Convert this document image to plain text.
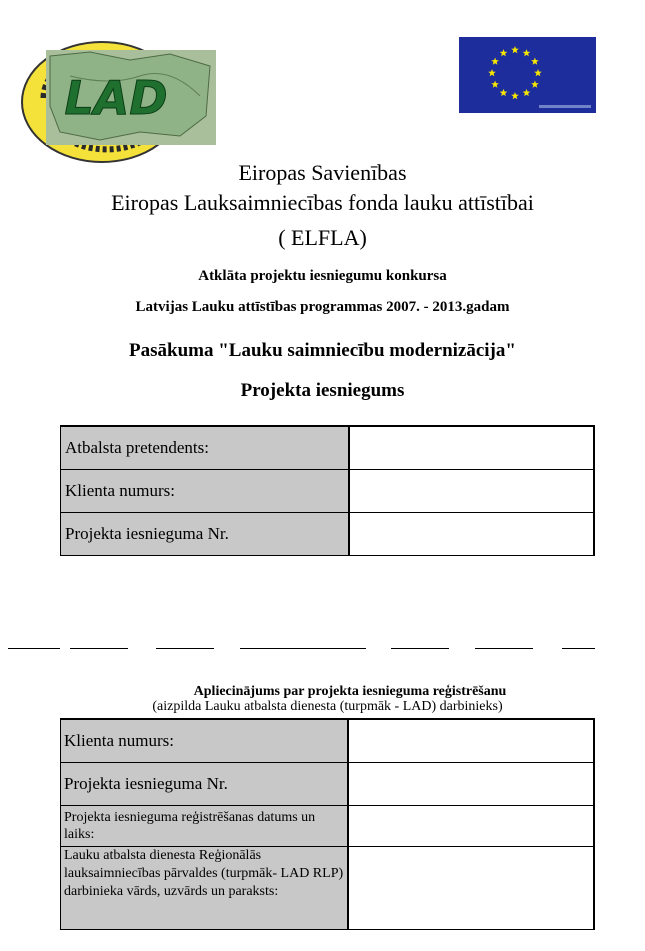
LAD
Eiropas Savienības
Eiropas Lauksaimniecības fonda lauku attīstībai
( ELFLA)
Atklāta projektu iesniegumu konkursa
Latvijas Lauku attīstības programmas 2007. - 2013.gadam
Pasākuma "Lauku saimniecību modernizācija"
Projekta iesniegums
Atbalsta pretendents:	
Klienta numurs:	
Projekta iesnieguma Nr.	
Apliecinājums par projekta iesnieguma reģistrēšanu
(aizpilda Lauku atbalsta dienesta (turpmāk - LAD) darbinieks)
Klienta numurs:	
Projekta iesnieguma Nr.	
Projekta iesnieguma reģistrēšanas datums un laiks:	
Lauku atbalsta dienesta Reģionālās lauksaimniecības pārvaldes (turpmāk- LAD RLP) darbinieka vārds, uzvārds un paraksts:	
